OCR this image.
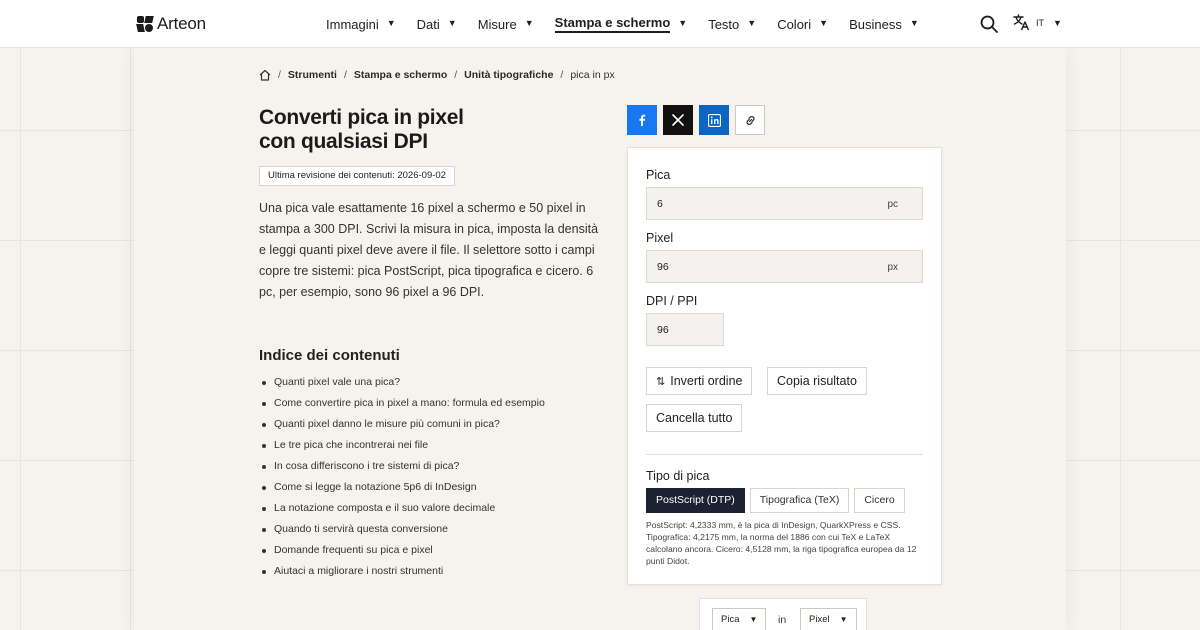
Arteon	Immagini ▼ Dati ▼ Misure ▼ Stampa e schermo ▼ Testo ▼ Colori ▼ Business ▼	IT ▼
/ Strumenti / Stampa e schermo / Unità tipografiche / pica in px
Converti pica in pixel
con qualsiasi DPI
Ultima revisione dei contenuti: 2026-09-02

Una pica vale esattamente 16 pixel a schermo e 50 pixel in stampa a 300 DPI. Scrivi la misura in pica, imposta la densità e leggi quanti pixel deve avere il file. Il selettore sotto i campi copre tre sistemi: pica PostScript, pica tipografica e cicero. 6 pc, per esempio, sono 96 pixel a 96 DPI.

Indice dei contenuti
Quanti pixel vale una pica?
Come convertire pica in pixel a mano: formula ed esempio
Quanti pixel danno le misure più comuni in pica?
Le tre pica che incontrerai nei file
In cosa differiscono i tre sistemi di pica?
Come si legge la notazione 5p6 di InDesign
La notazione composta e il suo valore decimale
Quando ti servirà questa conversione
Domande frequenti su pica e pixel
Aiutaci a migliorare i nostri strumenti
Pica
6	pc
Pixel
96	px
DPI / PPI
96
⇅ Inverti ordine	Copia risultato
Cancella tutto
Tipo di pica
PostScript (DTP)	Tipografica (TeX)	Cicero

PostScript: 4,2333 mm, è la pica di InDesign, QuarkXPress e CSS. Tipografica: 4,2175 mm, la norma del 1886 con cui TeX e LaTeX calcolano ancora. Cicero: 4,5128 mm, la riga tipografica europea da 12 punti Didot.

Pica ▼	in	Pixel ▼
